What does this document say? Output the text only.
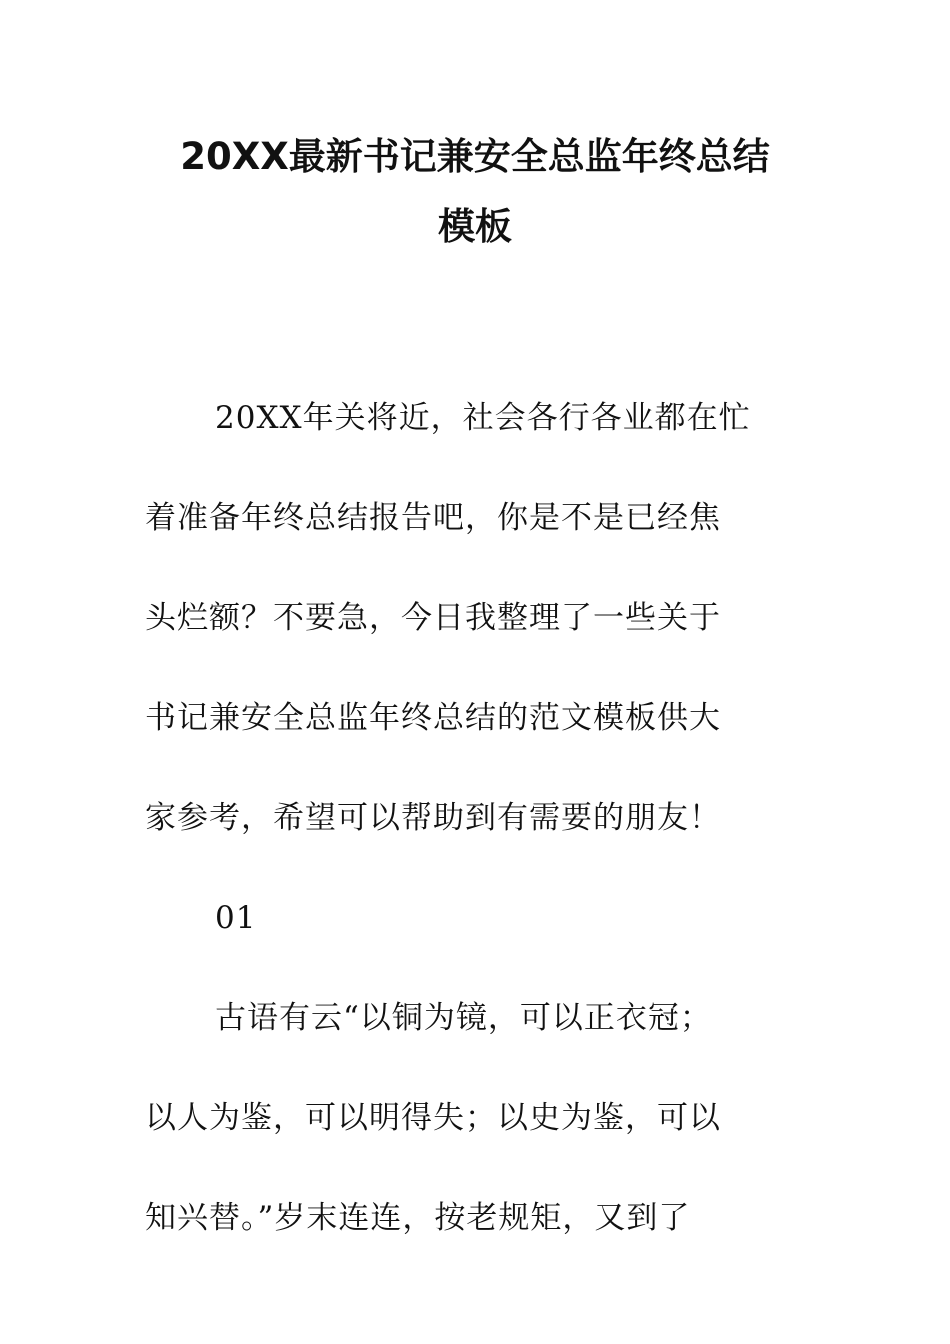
20XX最新书记兼安全总监年终总结
模板
20XX年关将近，社会各行各业都在忙
着准备年终总结报告吧，你是不是已经焦
头烂额？不要急，今日我整理了一些关于
书记兼安全总监年终总结的范文模板供大
家参考，希望可以帮助到有需要的朋友！
01
古语有云“以铜为镜，可以正衣冠；
以人为鉴，可以明得失；以史为鉴，可以
知兴替。”岁末连连，按老规矩，又到了
